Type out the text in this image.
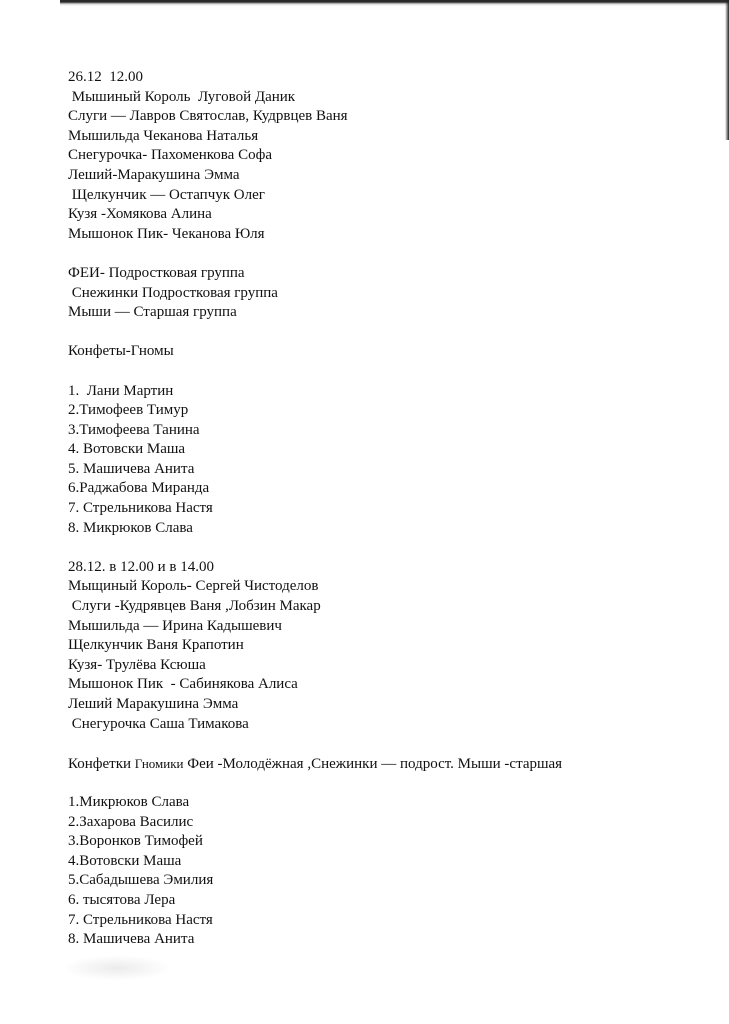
26.12  12.00
Мышиный Король  Луговой Даник
Слуги — Лавров Святослав, Кудрвцев Ваня
Мышильда Чеканова Наталья
Снегурочка- Пахоменкова Софа
Леший-Маракушина Эмма
Щелкунчик — Остапчук Олег
Кузя -Хомякова Алина
Мышонок Пик- Чеканова Юля
ФЕИ- Подростковая группа
Снежинки Подростковая группа
Мыши — Старшая группа
Конфеты-Гномы
1.  Лани Мартин
2.Тимофеев Тимур
3.Тимофеева Танина
4. Вотовски Маша
5. Машичева Анита
6.Раджабова Миранда
7. Стрельникова Настя
8. Микрюков Слава
28.12. в 12.00 и в 14.00
Мыщиный Король- Сергей Чистоделов
Слуги -Кудрявцев Ваня ,Лобзин Макар
Мышильда — Ирина Кадышевич
Щелкунчик Ваня Крапотин
Кузя- Трулёва Ксюша
Мышонок Пик  - Сабинякова Алиса
Леший Маракушина Эмма
Снегурочка Саша Тимакова
Конфетки Гномики Феи -Молодёжная ,Снежинки — подрост. Мыши -старшая
1.Микрюков Слава
2.Захарова Василис
3.Воронков Тимофей
4.Вотовски Маша
5.Сабадышева Эмилия
6. тысятова Лера
7. Стрельникова Настя
8. Машичева Анита
